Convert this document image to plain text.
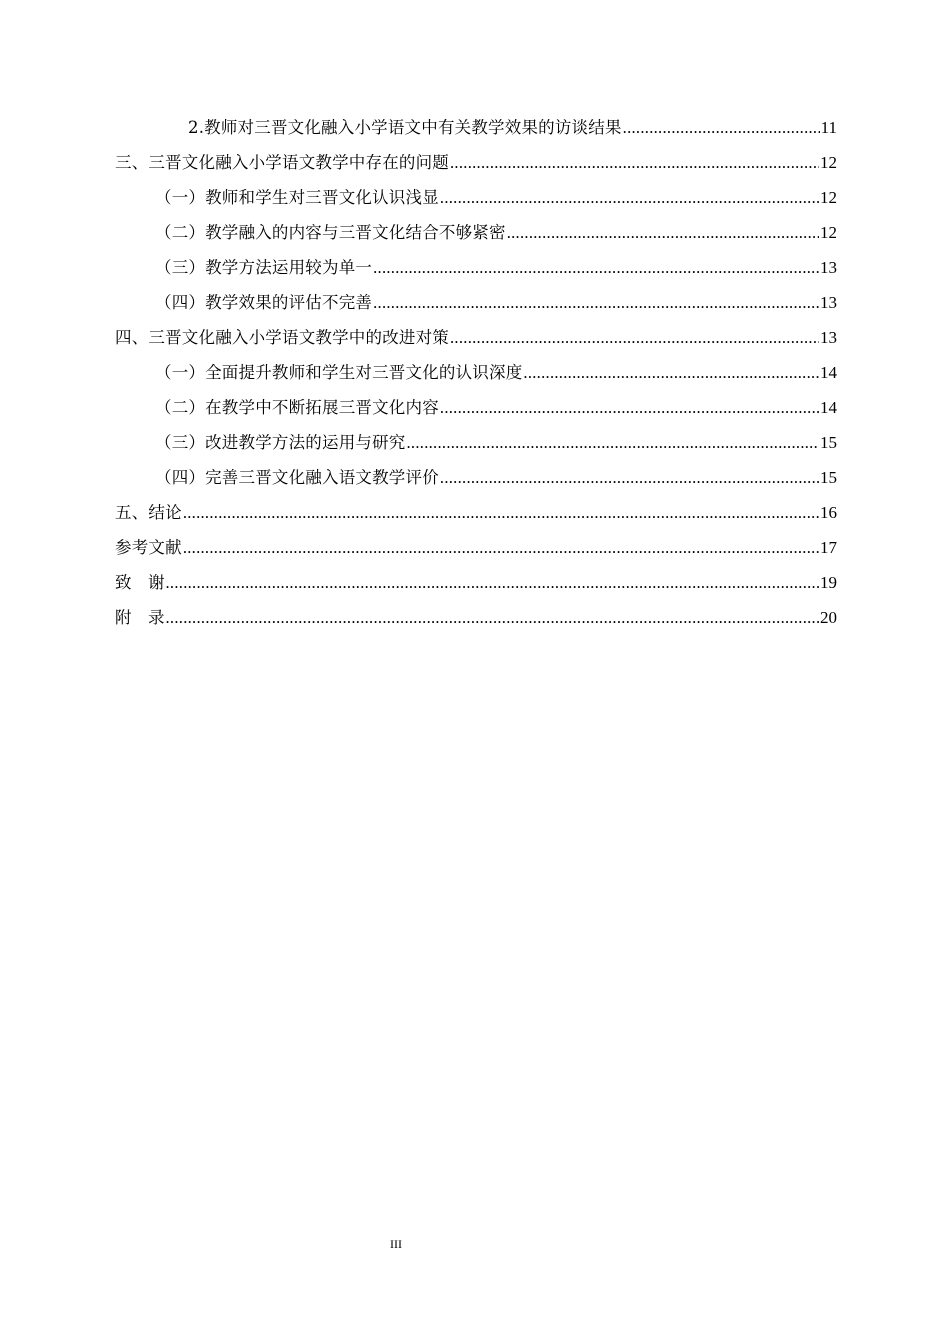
2.教师对三晋文化融入小学语文中有关教学效果的访谈结果 .....	11
三、三晋文化融入小学语文教学中存在的问题 .....	12
（一）教师和学生对三晋文化认识浅显 .....	12
（二）教学融入的内容与三晋文化结合不够紧密 .....	12
（三）教学方法运用较为单一 .....	13
（四）教学效果的评估不完善 .....	13
四、三晋文化融入小学语文教学中的改进对策 .....	13
（一）全面提升教师和学生对三晋文化的认识深度 .....	14
（二）在教学中不断拓展三晋文化内容 .....	14
（三）改进教学方法的运用与研究 .....	15
（四）完善三晋文化融入语文教学评价 .....	15
五、结论 .....	16
参考文献 .....	17
致　谢 .....	19
附　录 .....	20
III
